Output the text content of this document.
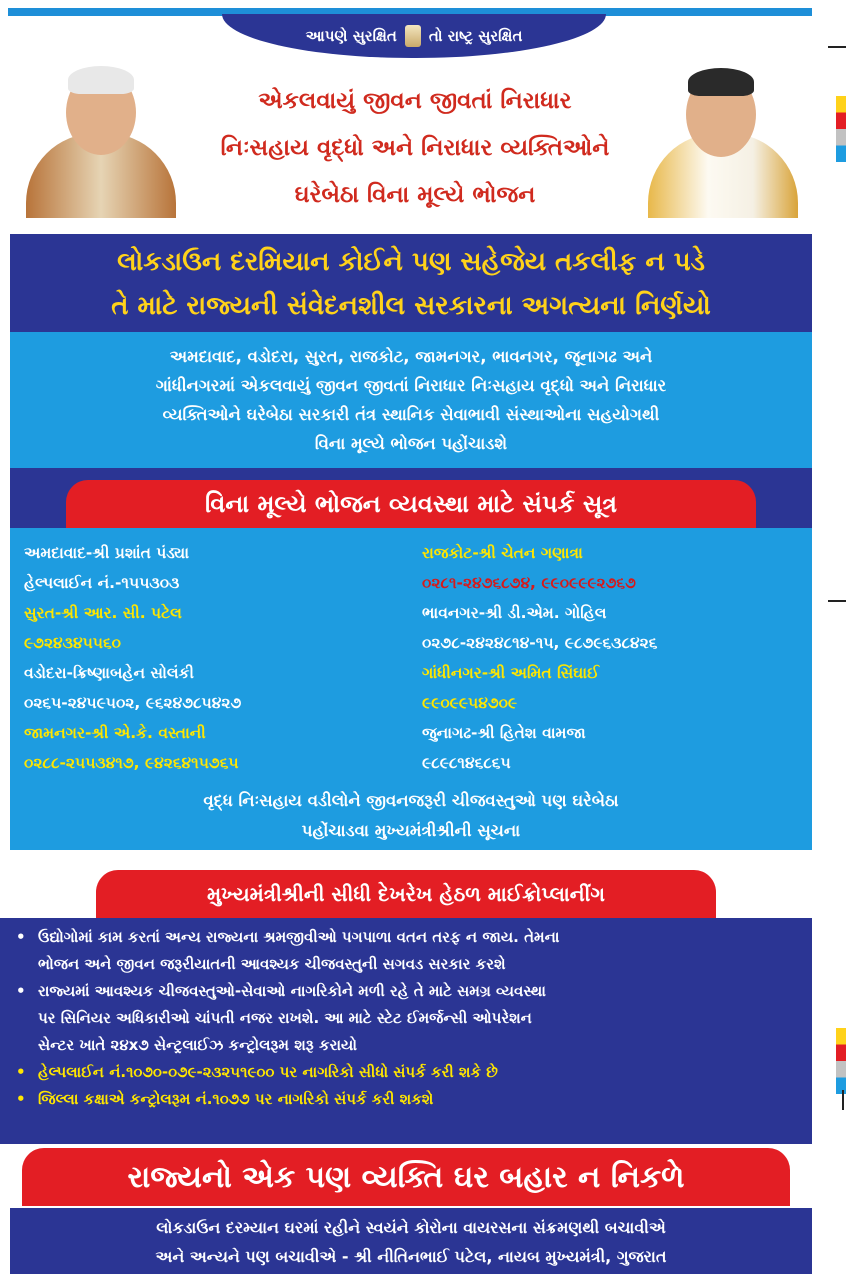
આપણે સુરક્ષિત તો રાષ્ટ્ર સુરક્ષિત
એકલવાયું જીવન જીવતાં નિરાધાર
નિઃસહાય વૃદ્ધો અને નિરાધાર વ્યક્તિઓને
ઘરેબેઠા વિના મૂલ્યે ભોજન
લોકડાઉન દરમિયાન કોઈને પણ સહેજેય તકલીફ ન પડે
તે માટે રાજ્યની સંવેદનશીલ સરકારના અગત્યના નિર્ણયો
અમદાવાદ, વડોદરા, સુરત, રાજકોટ, જામનગર, ભાવનગર, જૂનાગઢ અને
ગાંધીનગરમાં એકલવાયું જીવન જીવતાં નિરાધાર નિઃસહાય વૃદ્ધો અને નિરાધાર
વ્યક્તિઓને ઘરેબેઠા સરકારી તંત્ર સ્થાનિક સેવાભાવી સંસ્થાઓના સહયોગથી
વિના મૂલ્યે ભોજન પહોંચાડશે
વિના મૂલ્યે ભોજન વ્યવસ્થા માટે સંપર્ક સૂત્ર
અમદાવાદ-શ્રી પ્રશાંત પંડ્યા
હેલ્પલાઈન નં.-૧૫૫૩૦૩
સુરત-શ્રી આર. સી. પટેલ
૯૭૨૪૩૪૫૫૬૦
વડોદરા-ક્રિષ્ણાબહેન સોલંકી
૦૨૬૫-૨૪૫૯૫૦૨, ૯૬૨૪૭૮૫૪૨૭
જામનગર-શ્રી એ.કે. વસ્તાની
૦૨૮૮-૨૫૫૩૪૧૭, ૯૪૨૬૪૧૫૭૬૫
રાજકોટ-શ્રી ચેતન ગણાત્રા
૦૨૮૧-૨૪૭૬૮૭૪, ૯૯૦૯૯૯૨૭૬૭
ભાવનગર-શ્રી ડી.એમ. ગોહિલ
૦૨૭૮-૨૪૨૪૮૧૪-૧૫, ૯૮૭૯૬૩૮૪૨૬
ગાંધીનગર-શ્રી અમિત સિંઘાઈ
૯૯૦૯૯૫૪૭૦૯
જુનાગઢ-શ્રી હિતેશ વામજા
૯૮૯૮૧૪૬૮૬૫
વૃદ્ધ નિઃસહાય વડીલોને જીવનજરૂરી ચીજવસ્તુઓ પણ ઘરેબેઠા
પહોંચાડવા મુખ્યમંત્રીશ્રીની સૂચના
મુખ્યમંત્રીશ્રીની સીધી દેખરેખ હેઠળ માઈક્રોપ્લાનીંગ
• ઉદ્યોગોમાં કામ કરતાં અન્ય રાજ્યના શ્રમજીવીઓ પગપાળા વતન તરફ ન જાય. તેમના
ભોજન અને જીવન જરૂરીયાતની આવશ્યક ચીજવસ્તુની સગવડ સરકાર કરશે
• રાજ્યમાં આવશ્યક ચીજવસ્તુઓ-સેવાઓ નાગરિકોને મળી રહે તે માટે સમગ્ર વ્યવસ્થા
પર સિનિયર અધિકારીઓ ચાંપતી નજર રાખશે. આ માટે સ્ટેટ ઈમર્જન્સી ઓપરેશન
સેન્ટર ખાતે ૨૪x૭ સેન્ટ્રલાઈઝ કન્ટ્રોલરૂમ શરૂ કરાયો
• હેલ્પલાઈન નં.૧૦૭૦-૦૭૯-૨૩૨૫૧૯૦૦ પર નાગરિકો સીધો સંપર્ક કરી શકે છે
• જિલ્લા કક્ષાએ કન્ટ્રોલરૂમ નં.૧૦૭૭ પર નાગરિકો સંપર્ક કરી શકશે
રાજ્યનો એક પણ વ્યક્તિ ઘર બહાર ન નિકળે
લોકડાઉન દરમ્યાન ઘરમાં રહીને સ્વયંને કોરોના વાયરસના સંક્રમણથી બચાવીએ
અને અન્યને પણ બચાવીએ - શ્રી નીતિનભાઈ પટેલ, નાયબ મુખ્યમંત્રી, ગુજરાત
